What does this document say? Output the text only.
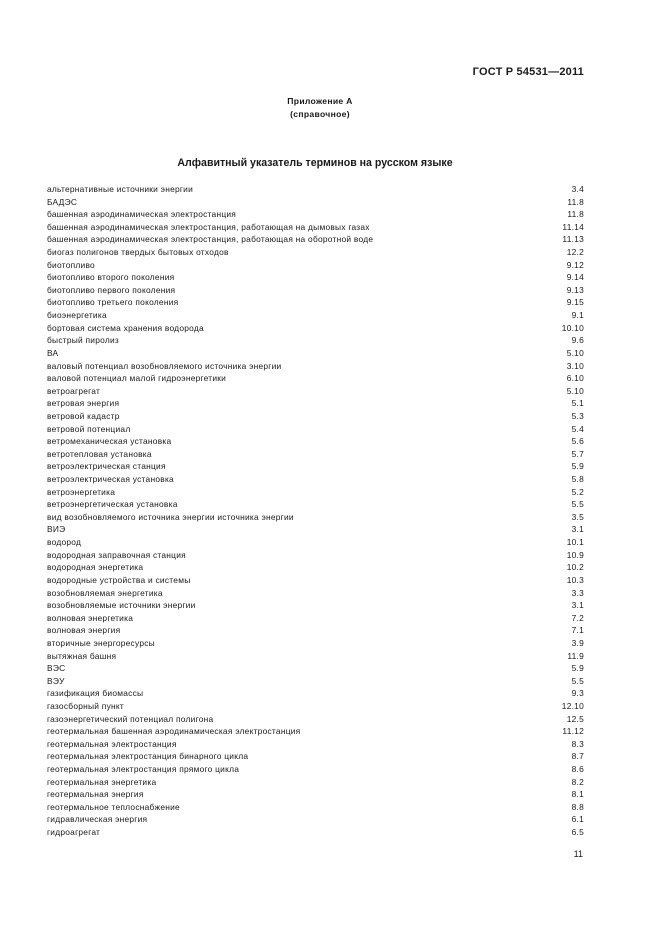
ГОСТ Р 54531—2011
Приложение А
(справочное)
Алфавитный указатель терминов на русском языке
альтернативные источники энергии	3.4
БАДЭС	11.8
башенная аэродинамическая электростанция	11.8
башенная аэродинамическая электростанция, работающая на дымовых газах	11.14
башенная аэродинамическая электростанция, работающая на оборотной воде	11.13
биогаз полигонов твердых бытовых отходов	12.2
биотопливо	9.12
биотопливо второго поколения	9.14
биотопливо первого поколения	9.13
биотопливо третьего поколения	9.15
биоэнергетика	9.1
бортовая система хранения водорода	10.10
быстрый пиролиз	9.6
ВА	5.10
валовый потенциал возобновляемого источника энергии	3.10
валовой потенциал малой гидроэнергетики	6.10
ветроагрегат	5.10
ветровая энергия	5.1
ветровой кадастр	5.3
ветровой потенциал	5.4
ветромеханическая установка	5.6
ветротепловая установка	5.7
ветроэлектрическая станция	5.9
ветроэлектрическая установка	5.8
ветроэнергетика	5.2
ветроэнергетическая установка	5.5
вид возобновляемого источника энергии источника энергии	3.5
ВИЭ	3.1
водород	10.1
водородная заправочная станция	10.9
водородная энергетика	10.2
водородные устройства и системы	10.3
возобновляемая энергетика	3.3
возобновляемые источники энергии	3.1
волновая энергетика	7.2
волновая энергия	7.1
вторичные энергоресурсы	3.9
вытяжная башня	11.9
ВЭС	5.9
ВЭУ	5.5
газификация биомассы	9.3
газосборный пункт	12.10
газоэнергетический потенциал полигона	12.5
геотермальная башенная аэродинамическая электростанция	11.12
геотермальная электростанция	8.3
геотермальная электростанция бинарного цикла	8.7
геотермальная электростанция прямого цикла	8.6
геотермальная энергетика	8.2
геотермальная энергия	8.1
геотермальное теплоснабжение	8.8
гидравлическая энергия	6.1
гидроагрегат	6.5
11
